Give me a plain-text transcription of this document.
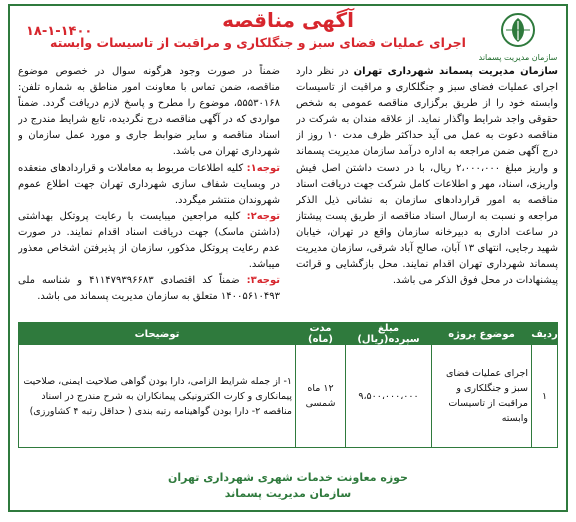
سازمان مدیریت پسماند
آگهی مناقصه
اجرای عملیات فضای سبز و جنگلکاری و مراقبت از تاسیسات وابسته
۱۸-۱-۱۴۰۰

سازمان مدیریت پسماند شهرداری تهران در نظر دارد اجرای عملیات فضای سبز و جنگلکاری و مراقبت از تاسیسات وابسته خود را از طریق برگزاری مناقصه عمومی به شخص حقوقی واجد شرایط واگذار نماید. از علاقه مندان به شرکت در مناقصه دعوت به عمل می آید حداکثر ظرف مدت ۱۰ روز از درج آگهی ضمن مراجعه به اداره درآمد سازمان مدیریت پسماند و واریز مبلغ ۲،۰۰۰،۰۰۰ ریال، با در دست داشتن اصل فیش واریزی، اسناد، مهر و اطلاعات کامل شرکت جهت دریافت اسناد مناقصه به امور قراردادهای سازمان به نشانی ذیل الذکر مراجعه و نسبت به ارسال اسناد مناقصه از طریق پست پیشتاز در ساعت اداری به دبیرخانه سازمان واقع در تهران، خیابان شهید رجایی، انتهای ۱۳ آبان، صالح آباد شرقی، سازمان مدیریت پسماند شهرداری تهران اقدام نمایند. محل بازگشایی و قرائت پیشنهادات در محل فوق الذکر می باشد.

ضمناً در صورت وجود هرگونه سوال در خصوص موضوع مناقصه، ضمن تماس با معاونت امور مناطق به شماره تلفن: ۵۵۵۳۰۱۶۸، موضوع را مطرح و پاسخ لازم دریافت گردد. ضمناً مواردی که در آگهی مناقصه درج نگردیده، تابع شرایط مندرج در اسناد مناقصه و سایر ضوابط جاری و مورد عمل سازمان و شهرداری تهران می باشد.

توجه۱: کلیه اطلاعات مربوط به معاملات و قراردادهای منعقده در وبسایت شفاف سازی شهرداری تهران جهت اطلاع عموم شهروندان منتشر میگردد.

توجه۲: کلیه مراجعین میبایست با رعایت پروتکل بهداشتی (داشتن ماسک) جهت دریافت اسناد اقدام نمایند. در صورت عدم رعایت پروتکل مذکور، سازمان از پذیرفتن اشخاص معذور میباشد.

توجه۳: ضمناً کد اقتصادی ۴۱۱۴۷۹۳۹۶۶۸۳ و شناسه ملی ۱۴۰۰۵۶۱۰۴۹۳ متعلق به سازمان مدیریت پسماند می باشد.

ردیف
موضوع پروژه
مبلغ سپرده(ریال)
مدت (ماه)
توضیحات
۱
اجرای عملیات فضای سبز و جنگلکاری و مراقبت از تاسیسات وابسته
۹،۵۰۰،۰۰۰،۰۰۰
۱۲ ماه شمسی
۱- از جمله شرایط الزامی، دارا بودن گواهی صلاحیت ایمنی، صلاحیت پیمانکاری و کارت الکترونیکی پیمانکاران به شرح مندرج در اسناد مناقصه ۲- دارا بودن گواهینامه رتبه بندی ( حداقل رتبه ۴ کشاورزی)
حوزه معاونت خدمات شهری شهرداری تهران
سازمان مدیریت پسماند
